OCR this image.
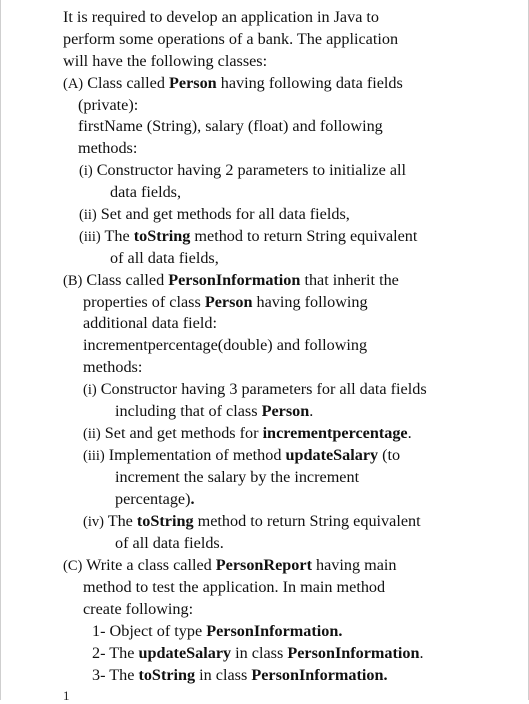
It is required to develop an application in Java to
perform some operations of a bank. The application
will have the following classes:
(A) Class called Person having following data fields
(private):
firstName (String), salary (float) and following
methods:
(i) Constructor having 2 parameters to initialize all
data fields,
(ii) Set and get methods for all data fields,
(iii) The toString method to return String equivalent
of all data fields,
(B) Class called PersonInformation that inherit the
properties of class Person having following
additional data field:
incrementpercentage(double) and following
methods:
(i) Constructor having 3 parameters for all data fields
including that of class Person.
(ii) Set and get methods for incrementpercentage.
(iii) Implementation of method updateSalary (to
increment the salary by the increment
percentage).
(iv) The toString method to return String equivalent
of all data fields.
(C) Write a class called PersonReport having main
method to test the application. In main method
create following:
1- Object of type PersonInformation.
2- The updateSalary in class PersonInformation.
3- The toString in class PersonInformation.
1
